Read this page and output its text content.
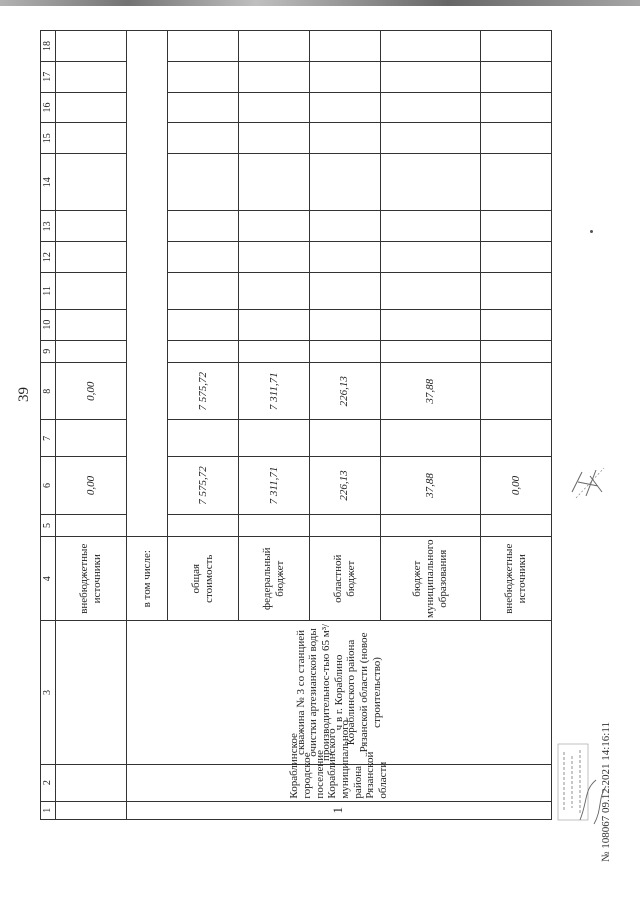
39
№ 108067 09.12.2021 14:16:11
1	2	3	4	5	6	7	8	9	10	11	12	13	14	15	16	17	18
			внебюджетные источники		0,00		0,00										
1	Кораблинское городское поселение Кораблинского муниципального района Рязанской области	скважина № 3 со станцией очистки артезианской воды производительнос-тью 65 м³/ч в г. Кораблино Кораблинского района Рязанской области (новое строительство)	в том числе:														
			общая стоимость		7 575,72		7 575,72										
			федеральный бюджет		7 311,71		7 311,71										
			областной бюджет		226,13		226,13										
			бюджет муниципального образования		37,88		37,88										
			внебюджетные источники		0,00												
